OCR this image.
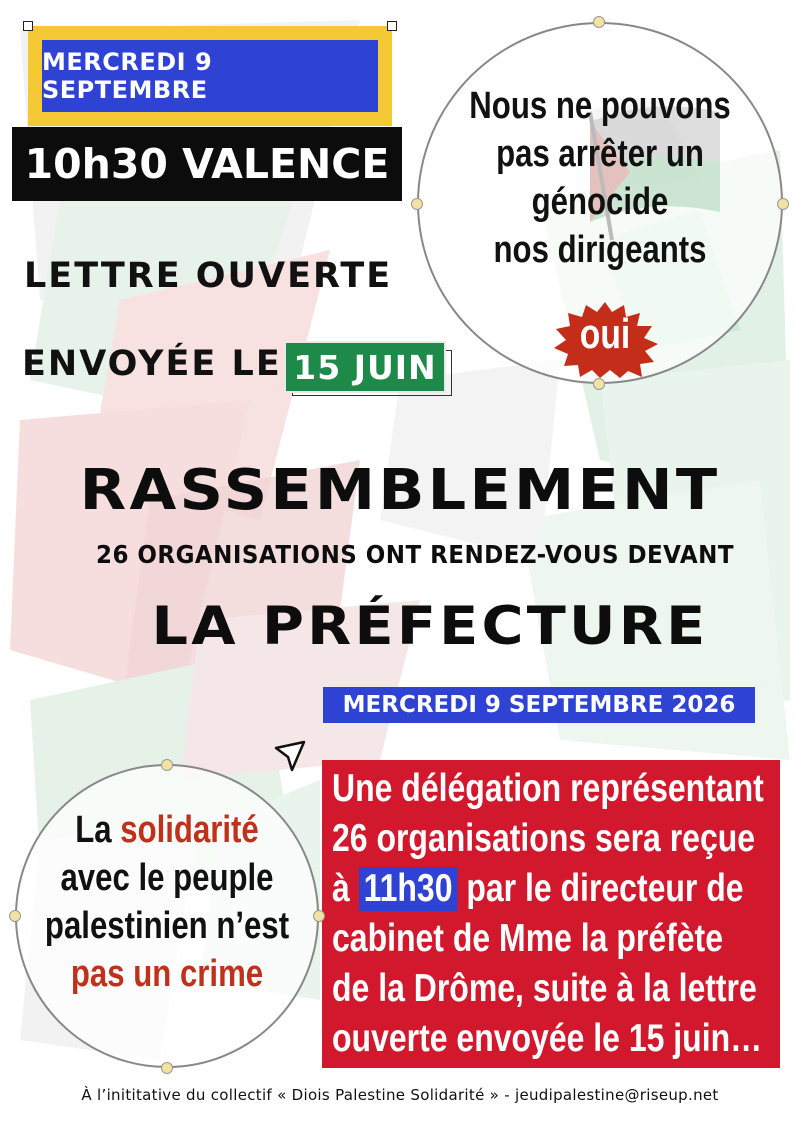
MERCREDI 9 SEPTEMBRE
10h30 VALENCE
LETTRE OUVERTE
ENVOYÉE LE 15 JUIN
Nous ne pouvons
pas arrêter un
génocide
nos dirigeants
oui
RASSEMBLEMENT
26 ORGANISATIONS ONT RENDEZ-VOUS DEVANT
LA PRÉFECTURE
MERCREDI 9 SEPTEMBRE 2026
La solidarité
avec le peuple
palestinien n’est
pas un crime
Une délégation représentant
26 organisations sera reçue
à 11h30 par le directeur de
cabinet de Mme la préfète
de la Drôme, suite à la lettre
ouverte envoyée le 15 juin…
À l’inititative du collectif « Diois Palestine Solidarité » - jeudipalestine@riseup.net
